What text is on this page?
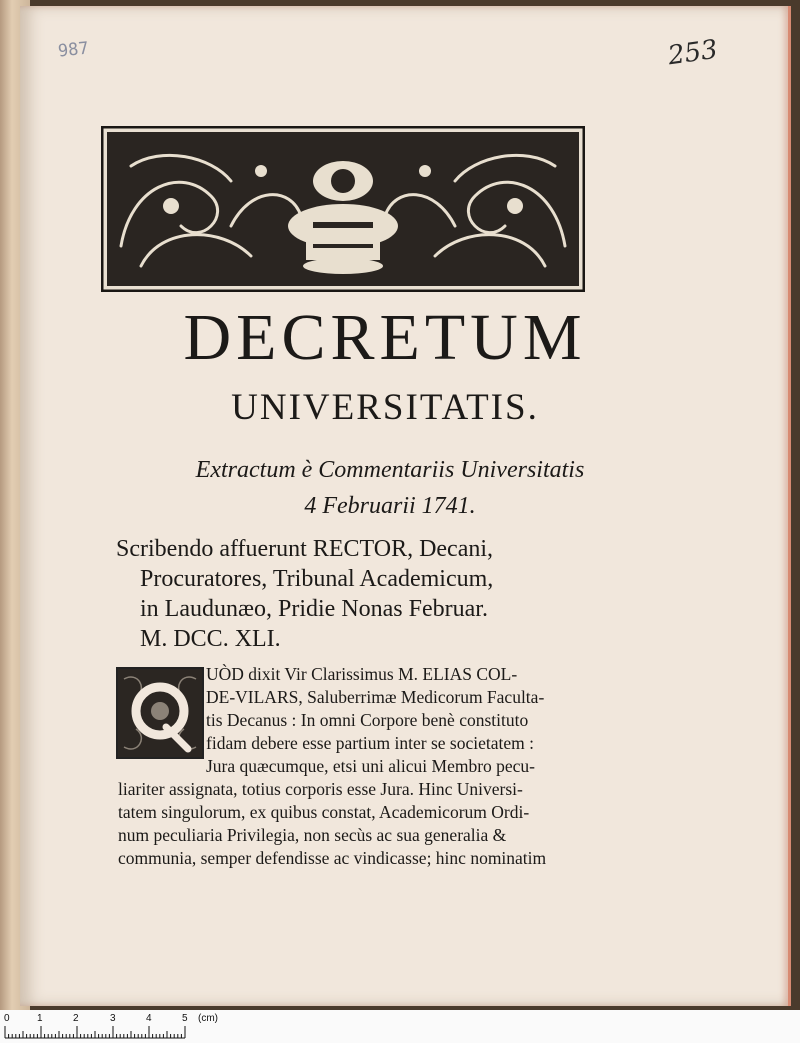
987	253
DECRETUM
UNIVERSITATIS.
Extractum è Commentariis Universitatis
4 Februarii 1741.
Scribendo affuerunt RECTOR, Decani,
Procuratores, Tribunal Academicum,
in Laudunæo, Pridie Nonas Februar.
M. DCC. XLI.
UÒD dixit Vir Clarissimus M. ELIAS COL-
DE-VILARS, Saluberrimæ Medicorum Faculta-
tis Decanus : In omni Corpore benè constituto
fidam debere esse partium inter se societatem :
Jura quæcumque, etsi uni alicui Membro pecu-
liariter assignata, totius corporis esse Jura. Hinc Universi-
tatem singulorum, ex quibus constat, Academicorum Ordi-
num peculiaria Privilegia, non secùs ac sua generalia &
communia, semper defendisse ac vindicasse; hinc nominatim
0	1	2	3	4	5 (cm)
